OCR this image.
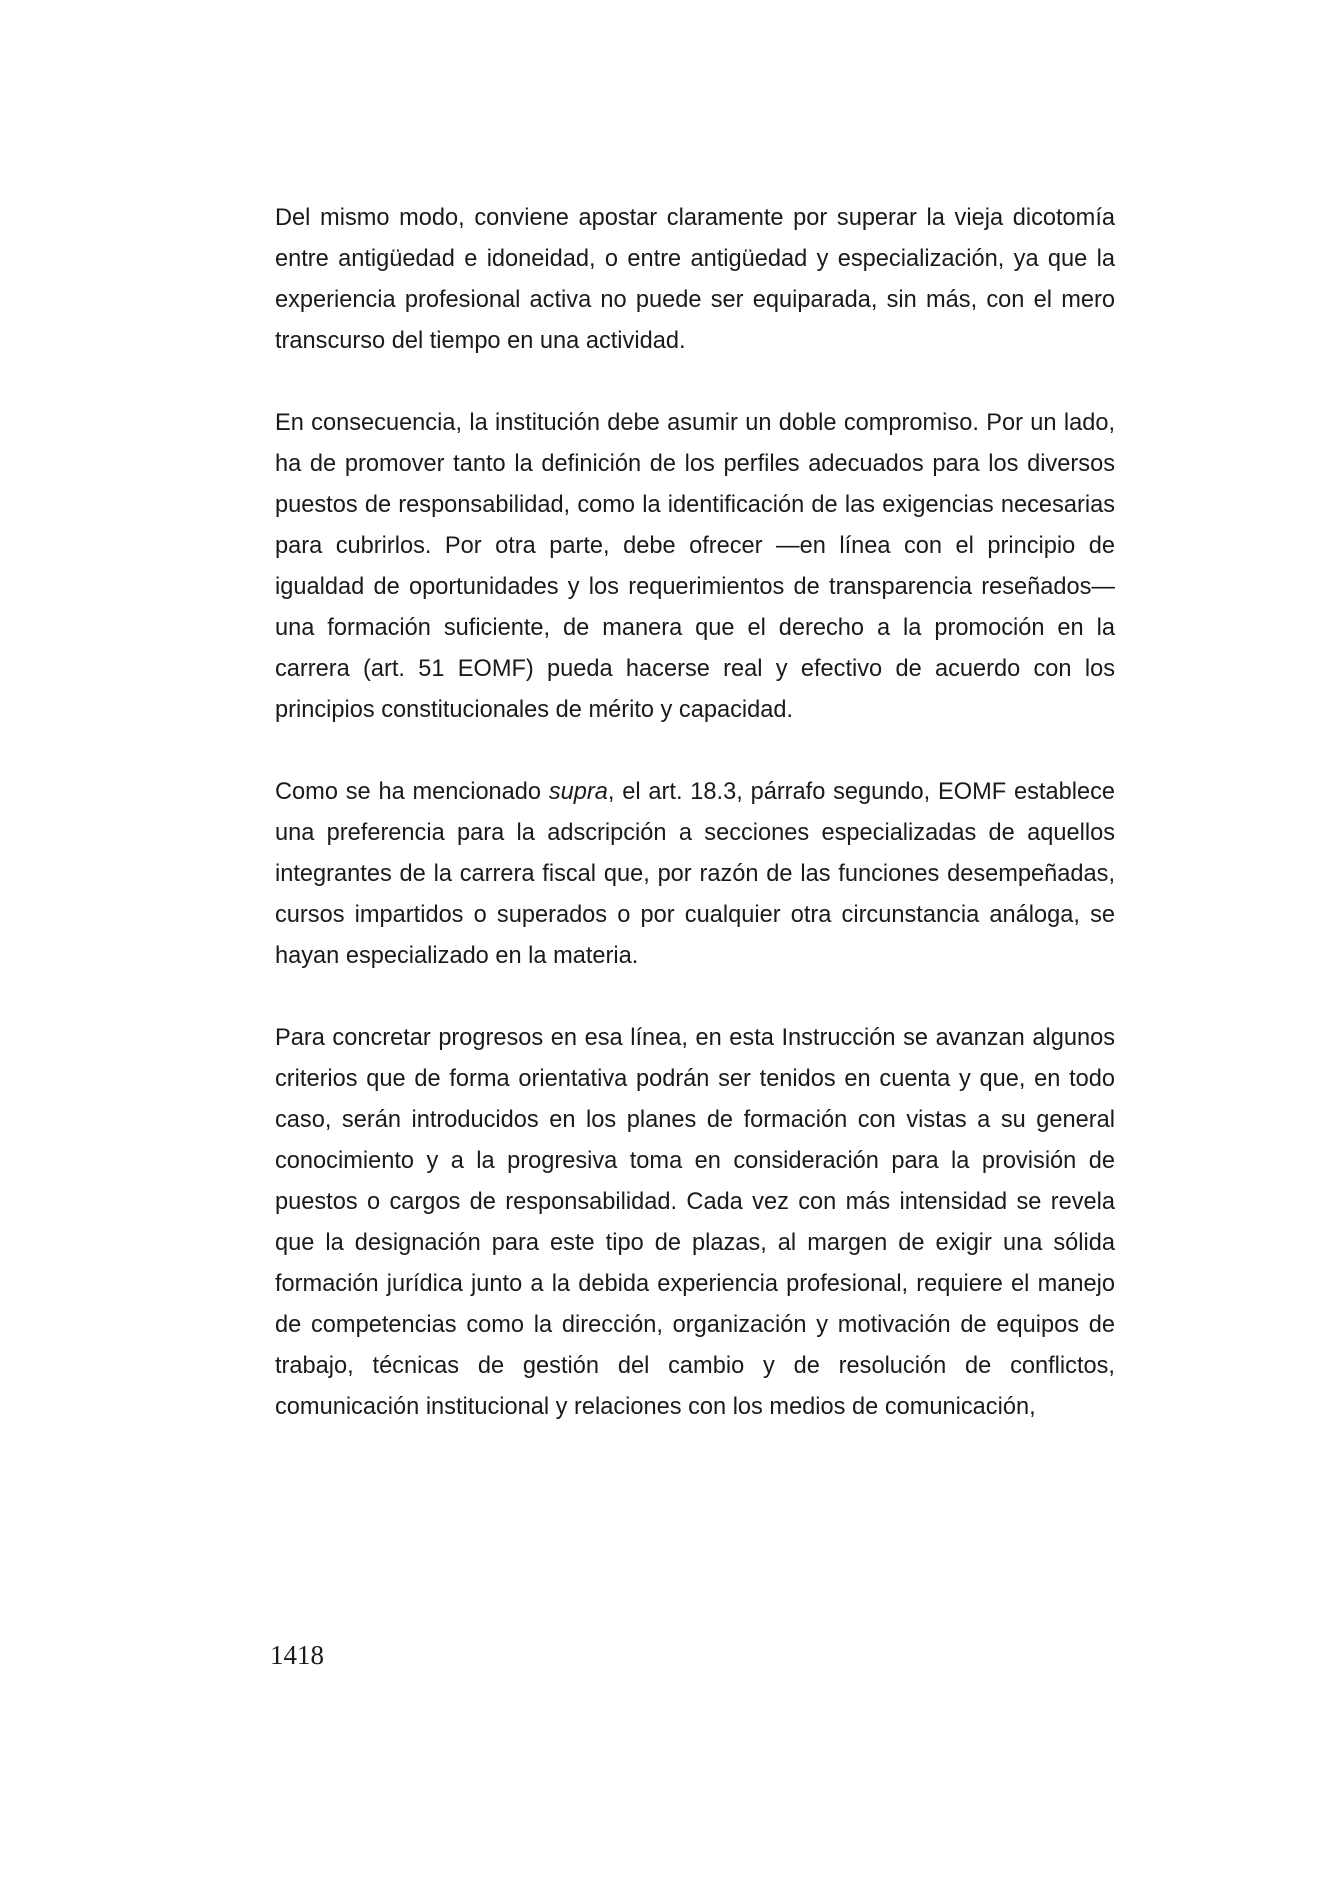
Del mismo modo, conviene apostar claramente por superar la vieja dicotomía entre antigüedad e idoneidad, o entre antigüedad y especialización, ya que la experiencia profesional activa no puede ser equiparada, sin más, con el mero transcurso del tiempo en una actividad.

En consecuencia, la institución debe asumir un doble compromiso. Por un lado, ha de promover tanto la definición de los perfiles adecuados para los diversos puestos de responsabilidad, como la identificación de las exigencias necesarias para cubrirlos. Por otra parte, debe ofrecer —en línea con el principio de igualdad de oportunidades y los requerimientos de transparencia reseñados— una formación suficiente, de manera que el derecho a la promoción en la carrera (art. 51 EOMF) pueda hacerse real y efectivo de acuerdo con los principios constitucionales de mérito y capacidad.

Como se ha mencionado supra, el art. 18.3, párrafo segundo, EOMF establece una preferencia para la adscripción a secciones especializadas de aquellos integrantes de la carrera fiscal que, por razón de las funciones desempeñadas, cursos impartidos o superados o por cualquier otra circunstancia análoga, se hayan especializado en la materia.

Para concretar progresos en esa línea, en esta Instrucción se avanzan algunos criterios que de forma orientativa podrán ser tenidos en cuenta y que, en todo caso, serán introducidos en los planes de formación con vistas a su general conocimiento y a la progresiva toma en consideración para la provisión de puestos o cargos de responsabilidad. Cada vez con más intensidad se revela que la designación para este tipo de plazas, al margen de exigir una sólida formación jurídica junto a la debida experiencia profesional, requiere el manejo de competencias como la dirección, organización y motivación de equipos de trabajo, técnicas de gestión del cambio y de resolución de conflictos, comunicación institucional y relaciones con los medios de comunicación,

1418
